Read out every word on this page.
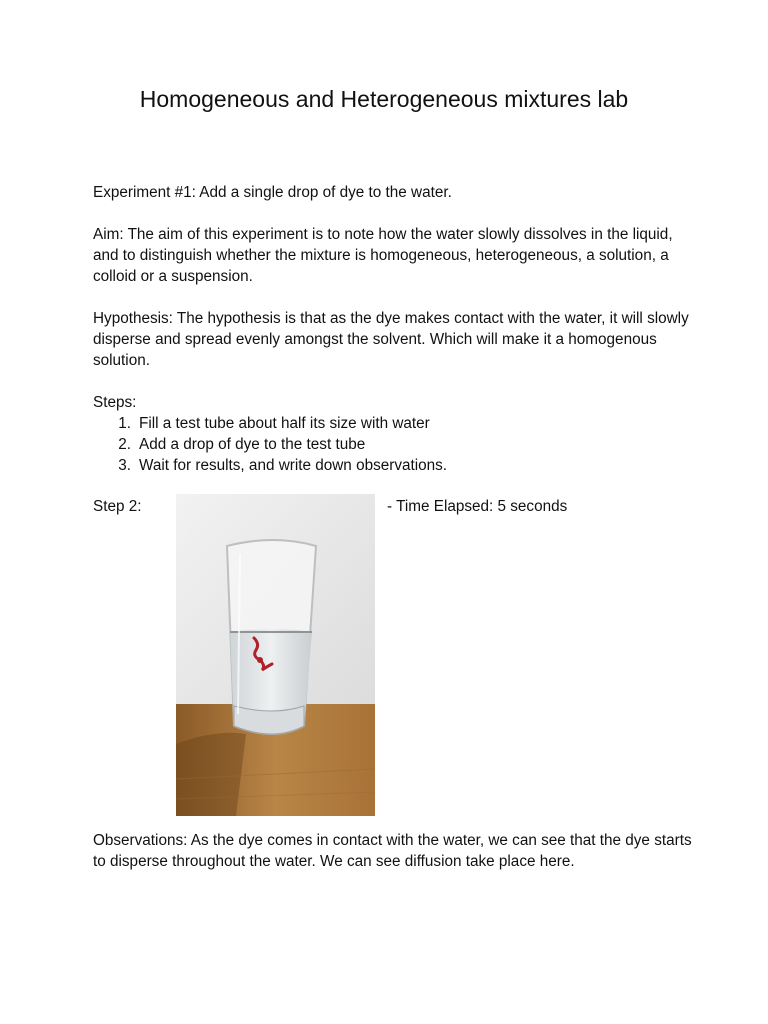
Homogeneous and Heterogeneous mixtures lab

Experiment #1: Add a single drop of dye to the water.

Aim: The aim of this experiment is to note how the water slowly dissolves in the liquid, and to distinguish whether the mixture is homogeneous, heterogeneous, a solution, a colloid or a suspension.

Hypothesis: The hypothesis is that as the dye makes contact with the water, it will slowly disperse and spread evenly amongst the solvent. Which will make it a homogenous solution.

Steps:

1. Fill a test tube about half its size with water
2. Add a drop of dye to the test tube
3. Wait for results, and write down observations.
Step 2:	- Time Elapsed: 5 seconds

Observations: As the dye comes in contact with the water, we can see that the dye starts to disperse throughout the water. We can see diffusion take place here.
